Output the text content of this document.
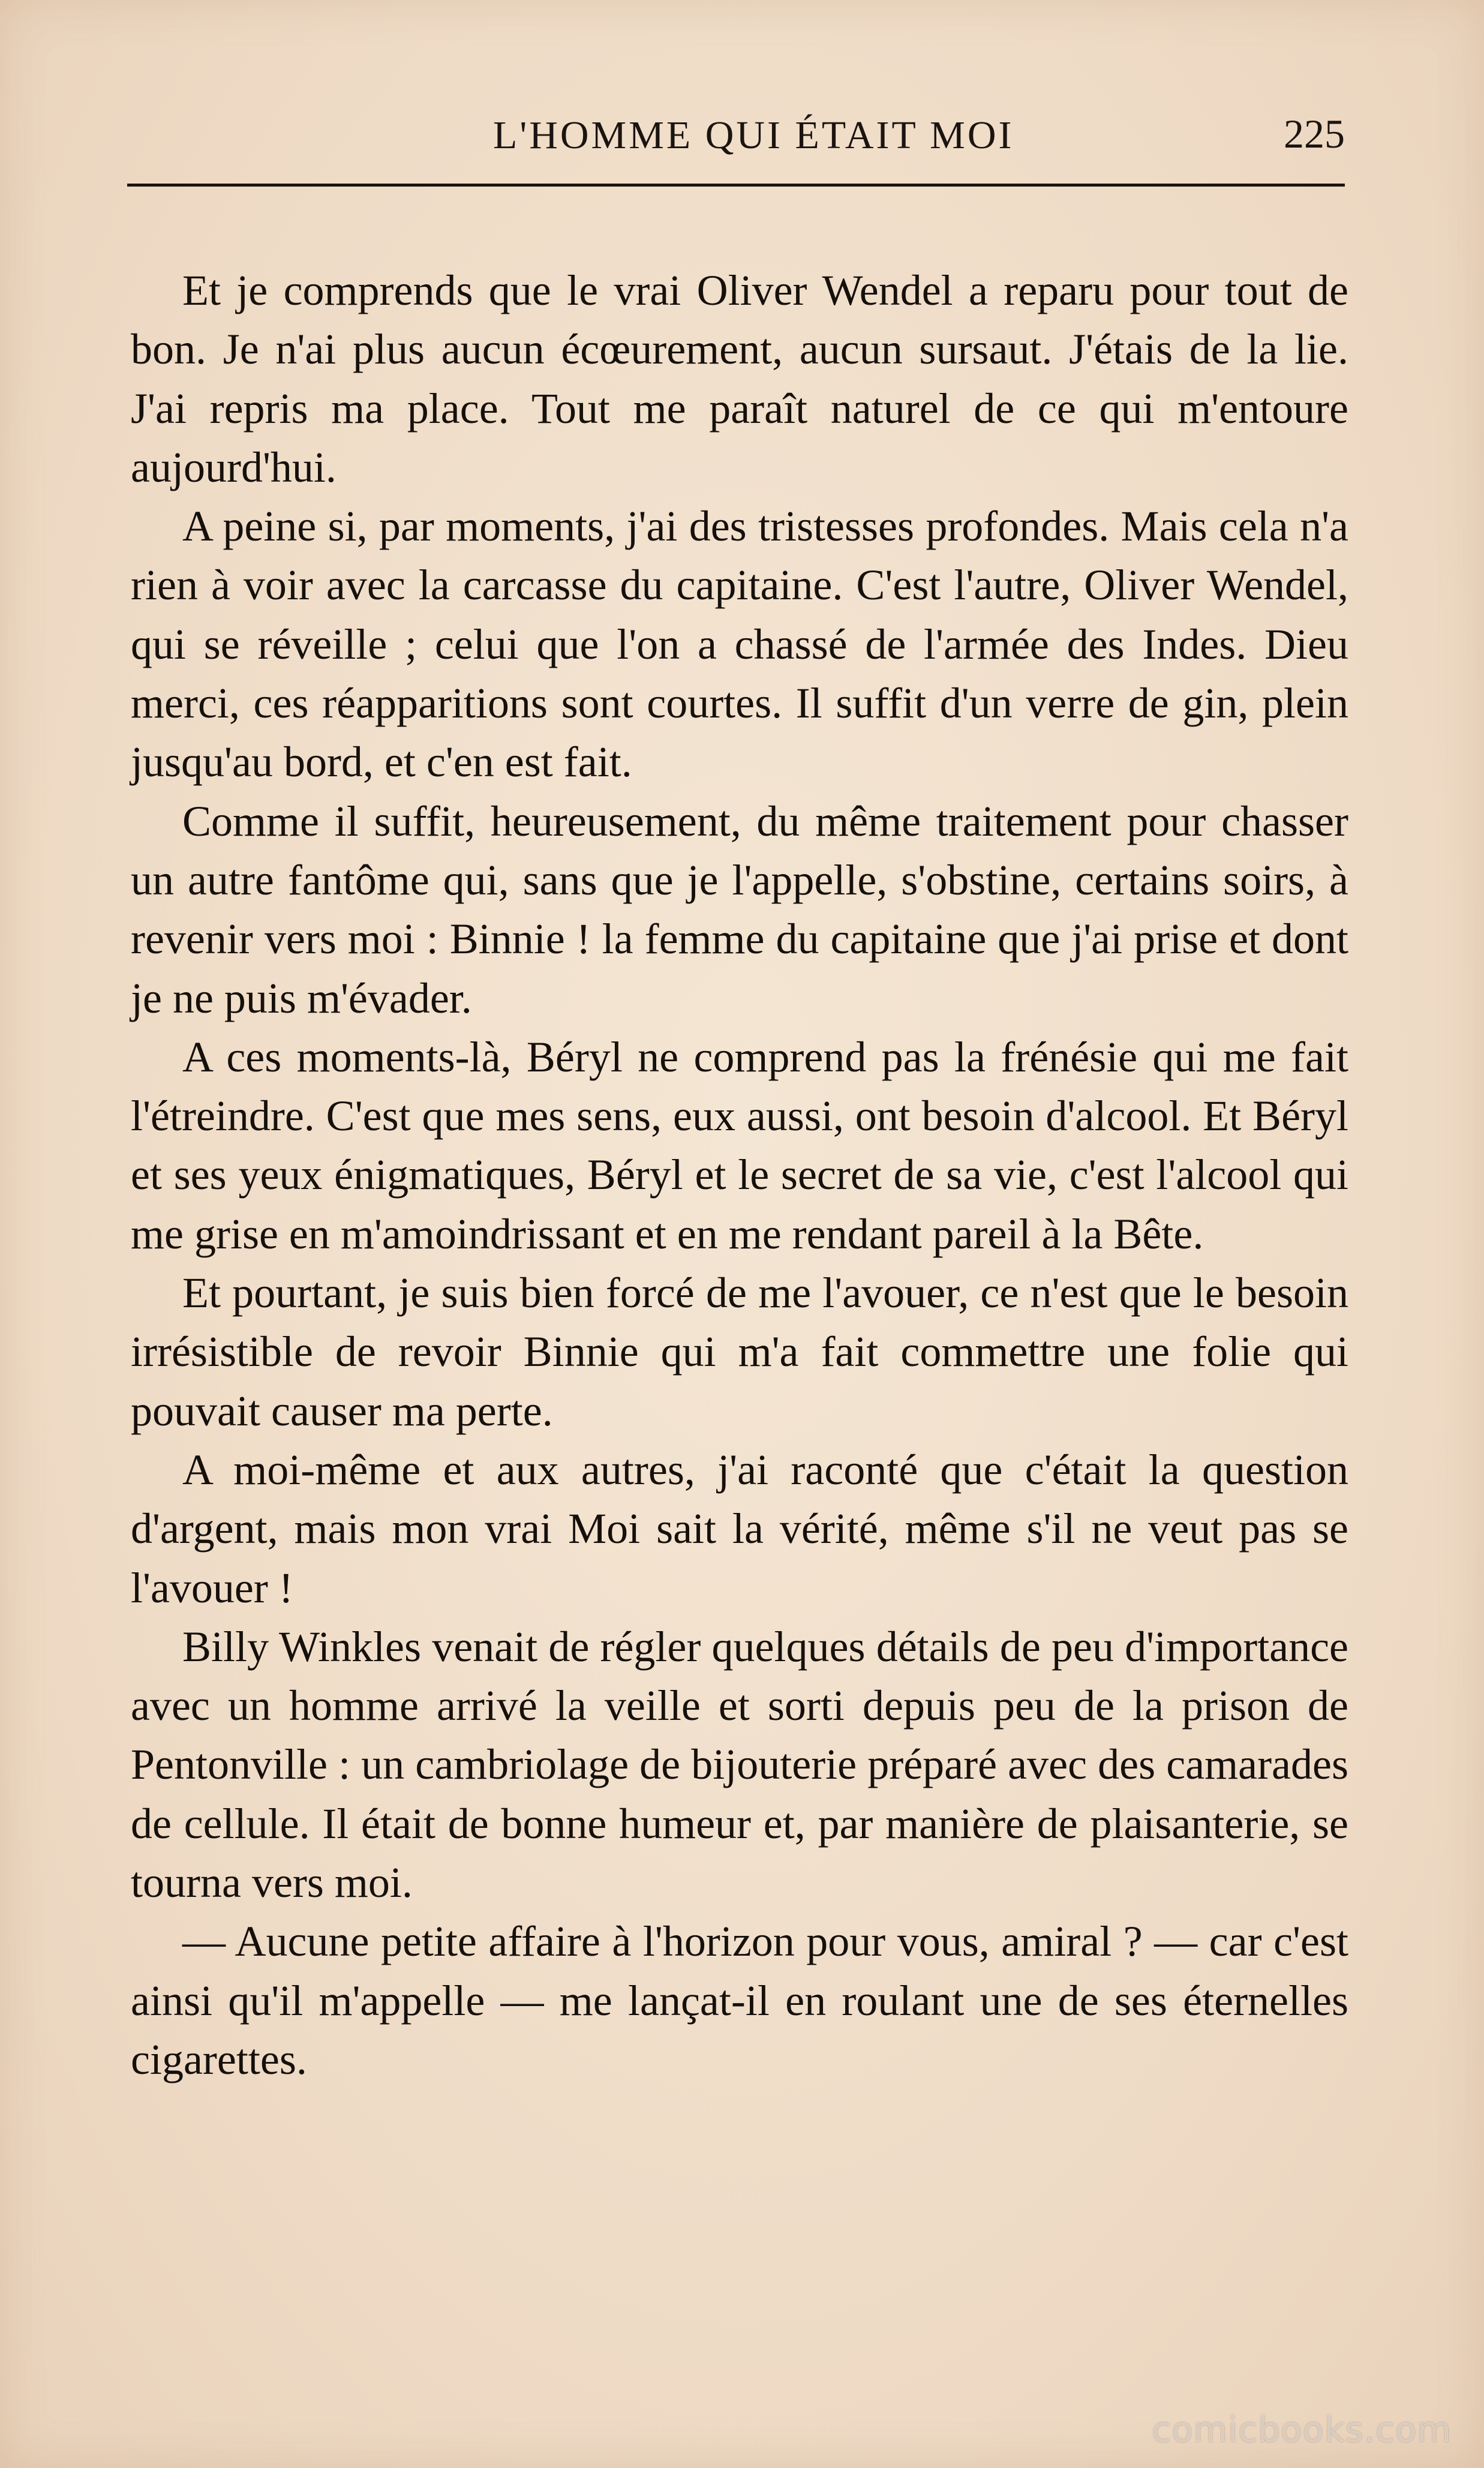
L'HOMME QUI ÉTAIT MOI	225

Et je comprends que le vrai Oliver Wendel a reparu pour tout de bon. Je n'ai plus aucun écœurement, aucun sursaut. J'étais de la lie. J'ai repris ma place. Tout me paraît naturel de ce qui m'entoure aujourd'hui.

A peine si, par moments, j'ai des tristesses profondes. Mais cela n'a rien à voir avec la carcasse du capitaine. C'est l'autre, Oliver Wendel, qui se réveille ; celui que l'on a chassé de l'armée des Indes. Dieu merci, ces réapparitions sont courtes. Il suffit d'un verre de gin, plein jusqu'au bord, et c'en est fait.

Comme il suffit, heureusement, du même traitement pour chasser un autre fantôme qui, sans que je l'appelle, s'obstine, certains soirs, à revenir vers moi : Binnie ! la femme du capitaine que j'ai prise et dont je ne puis m'évader.

A ces moments-là, Béryl ne comprend pas la frénésie qui me fait l'étreindre. C'est que mes sens, eux aussi, ont besoin d'alcool. Et Béryl et ses yeux énigmatiques, Béryl et le secret de sa vie, c'est l'alcool qui me grise en m'amoindrissant et en me rendant pareil à la Bête.

Et pourtant, je suis bien forcé de me l'avouer, ce n'est que le besoin irrésistible de revoir Binnie qui m'a fait commettre une folie qui pouvait causer ma perte.

A moi-même et aux autres, j'ai raconté que c'était la question d'argent, mais mon vrai Moi sait la vérité, même s'il ne veut pas se l'avouer !

Billy Winkles venait de régler quelques détails de peu d'importance avec un homme arrivé la veille et sorti depuis peu de la prison de Pentonville : un cambriolage de bijouterie préparé avec des camarades de cellule. Il était de bonne humeur et, par manière de plaisanterie, se tourna vers moi.

— Aucune petite affaire à l'horizon pour vous, amiral ? — car c'est ainsi qu'il m'appelle — me lançat-il en roulant une de ses éternelles cigarettes.

comicbooks.com
